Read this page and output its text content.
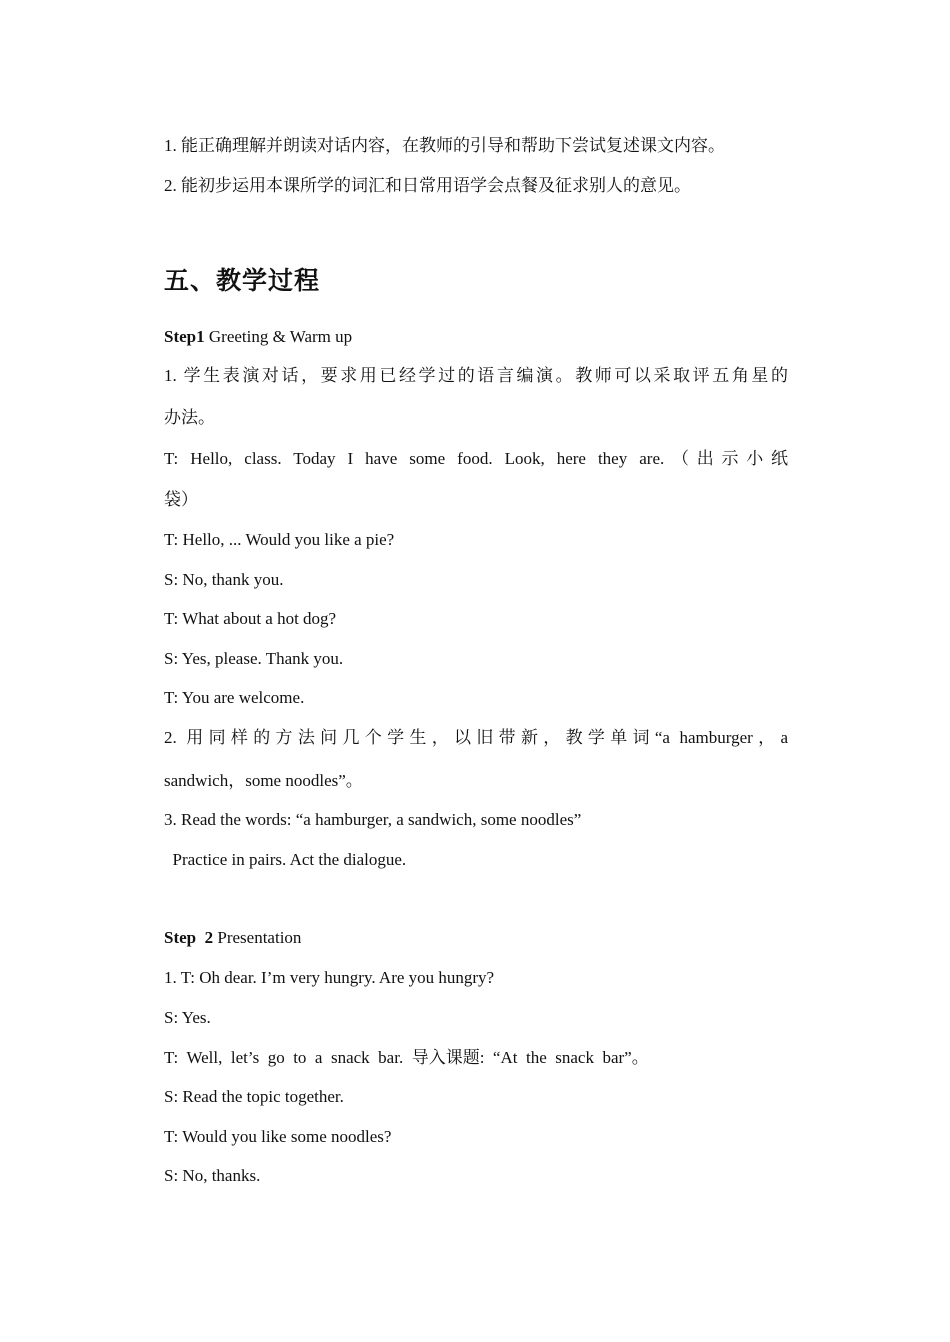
1. 能正确理解并朗读对话内容，在教师的引导和帮助下尝试复述课文内容。
2. 能初步运用本课所学的词汇和日常用语学会点餐及征求别人的意见。
五、教学过程
Step1 Greeting & Warm up
1. 学生表演对话，要求用已经学过的语言编演。教师可以采取评五角星的
办法。
T: Hello, class. Today I have some food. Look, here they are.（出示小纸
袋）
T: Hello, ... Would you like a pie?
S: No, thank you.
T: What about a hot dog?
S: Yes, please. Thank you.
T: You are welcome.
2. 用同样的方法问几个学生，以旧带新，教学单词“a hamburger，a
sandwich，some noodles”。
3. Read the words: “a hamburger, a sandwich, some noodles”
Practice in pairs. Act the dialogue.
Step  2 Presentation
1. T: Oh dear. I’m very hungry. Are you hungry?
S: Yes.
T:  Well,  let’s  go  to  a  snack  bar.  导入课题:  “At  the  snack  bar”。
S: Read the topic together.
T: Would you like some noodles?
S: No, thanks.
